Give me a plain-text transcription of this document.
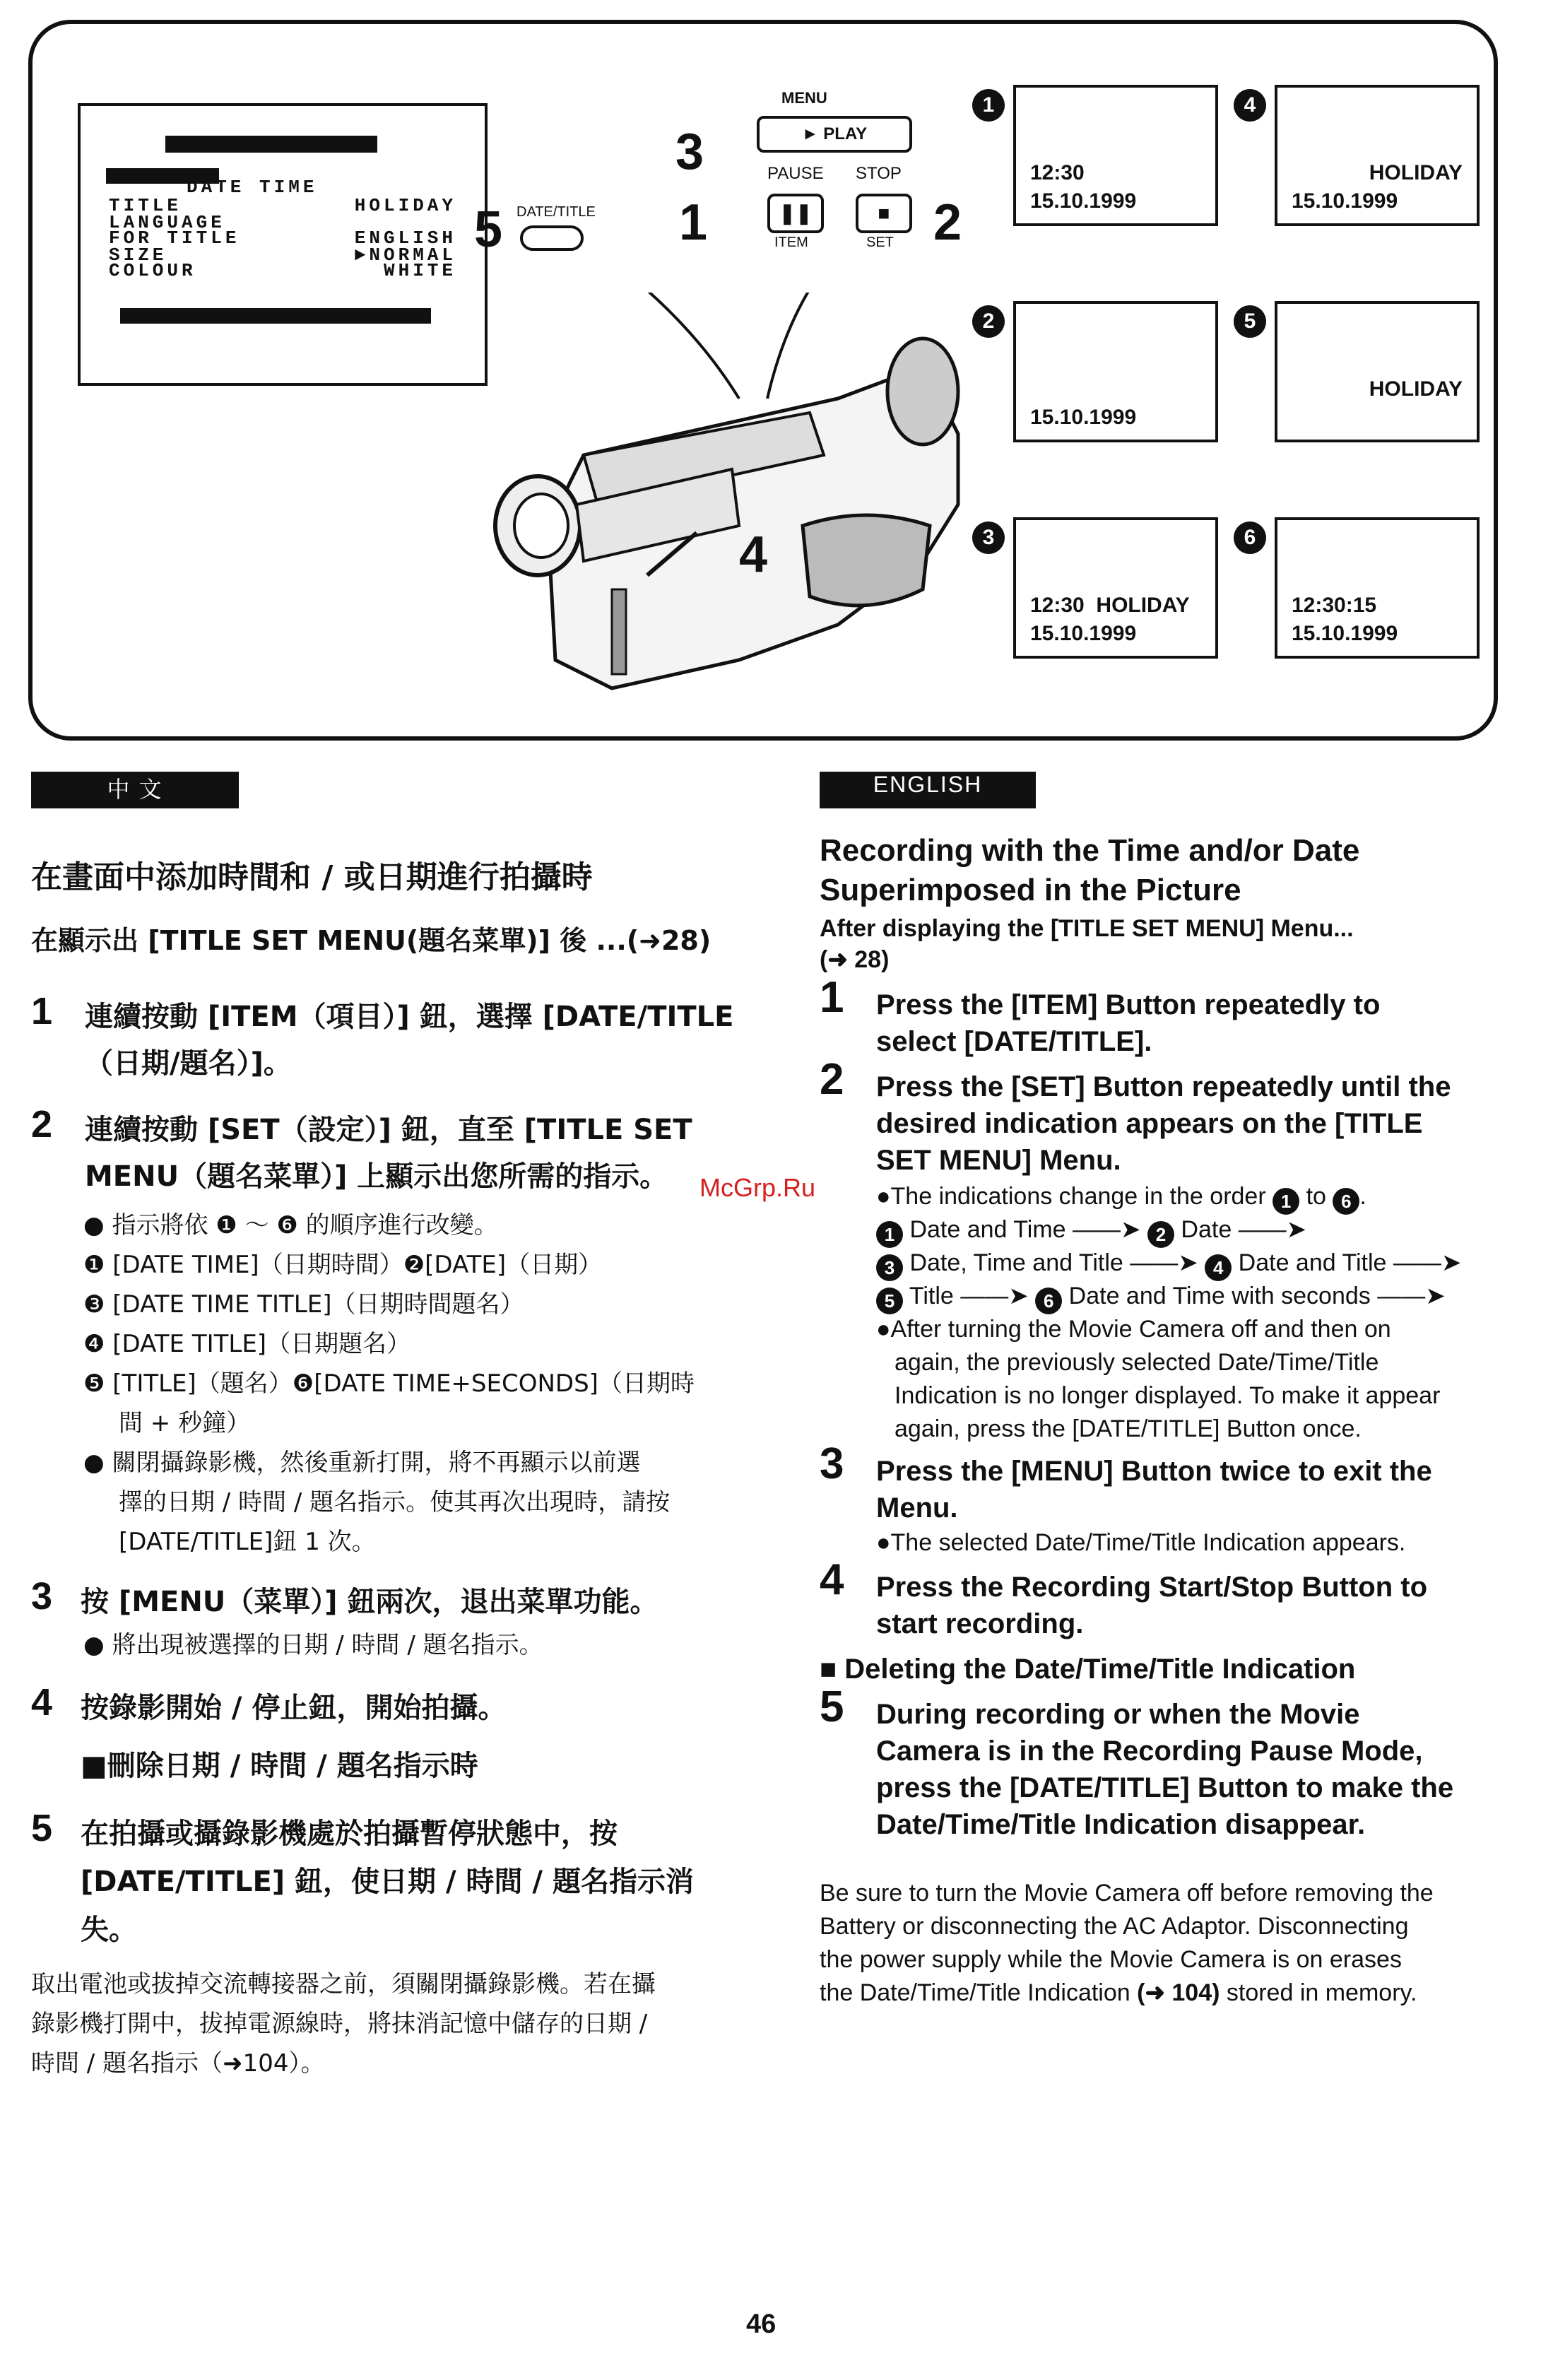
DATE TIME
TITLE	HOLIDAY
LANGUAGE
FOR TITLE	ENGLISH
SIZE	►NORMAL
COLOUR	WHITE
5 DATE/TITLE
3
MENU
► PLAY
1
PAUSE
❚❚
ITEM
STOP
■
SET 2
4
1
12:30
15.10.1999
2
15.10.1999
3
12:30  HOLIDAY
15.10.1999
4
HOLIDAY
15.10.1999
5
HOLIDAY
6
12:30:15
15.10.1999
中 文
在畫面中添加時間和 / 或日期進行拍攝時
在顯示出 [TITLE SET MENU(題名菜單)] 後 ...(➜28)
1 連續按動 [ITEM（項目）] 鈕，選擇 [DATE/TITLE
（日期/題名）]。
2 連續按動 [SET（設定）] 鈕，直至 [TITLE SET
MENU（題名菜單）] 上顯示出您所需的指示。
● 指示將依 ❶ ～ ❻ 的順序進行改變。
❶ [DATE TIME]（日期時間）❷[DATE]（日期）
❸ [DATE TIME TITLE]（日期時間題名）
❹ [DATE TITLE]（日期題名）
❺ [TITLE]（題名）❻[DATE TIME+SECONDS]（日期時
間 + 秒鐘）
● 關閉攝錄影機，然後重新打開，將不再顯示以前選
擇的日期 / 時間 / 題名指示。使其再次出現時，請按
[DATE/TITLE]鈕 1 次。
3 按 [MENU（菜單）] 鈕兩次，退出菜單功能。
● 將出現被選擇的日期 / 時間 / 題名指示。
4 按錄影開始 / 停止鈕，開始拍攝。
■刪除日期 / 時間 / 題名指示時
5 在拍攝或攝錄影機處於拍攝暫停狀態中，按
[DATE/TITLE] 鈕，使日期 / 時間 / 題名指示消
失。
取出電池或拔掉交流轉接器之前，須關閉攝錄影機。若在攝
錄影機打開中，拔掉電源線時，將抹消記憶中儲存的日期 /
時間 / 題名指示（➜104）。
McGrp.Ru
ENGLISH
Recording with the Time and/or Date
Superimposed in the Picture
After displaying the [TITLE SET MENU] Menu...
(➜ 28)
1 Press the [ITEM] Button repeatedly to
select [DATE/TITLE].
2 Press the [SET] Button repeatedly until the
desired indication appears on the [TITLE
SET MENU] Menu.
●The indications change in the order 1 to 6 .
1 Date and Time ——➤ 2 Date ——➤
3 Date, Time and Title ——➤ 4 Date and Title ——➤
5 Title ——➤ 6 Date and Time with seconds ——➤
●After turning the Movie Camera off and then on
again, the previously selected Date/Time/Title
Indication is no longer displayed. To make it appear
again, press the [DATE/TITLE] Button once.
3 Press the [MENU] Button twice to exit the
Menu.
●The selected Date/Time/Title Indication appears.
4 Press the Recording Start/Stop Button to
start recording.
■ Deleting the Date/Time/Title Indication
5 During recording or when the Movie
Camera is in the Recording Pause Mode,
press the [DATE/TITLE] Button to make the
Date/Time/Title Indication disappear.
Be sure to turn the Movie Camera off before removing the
Battery or disconnecting the AC Adaptor. Disconnecting
the power supply while the Movie Camera is on erases
the Date/Time/Title Indication (➜ 104) stored in memory.
46
